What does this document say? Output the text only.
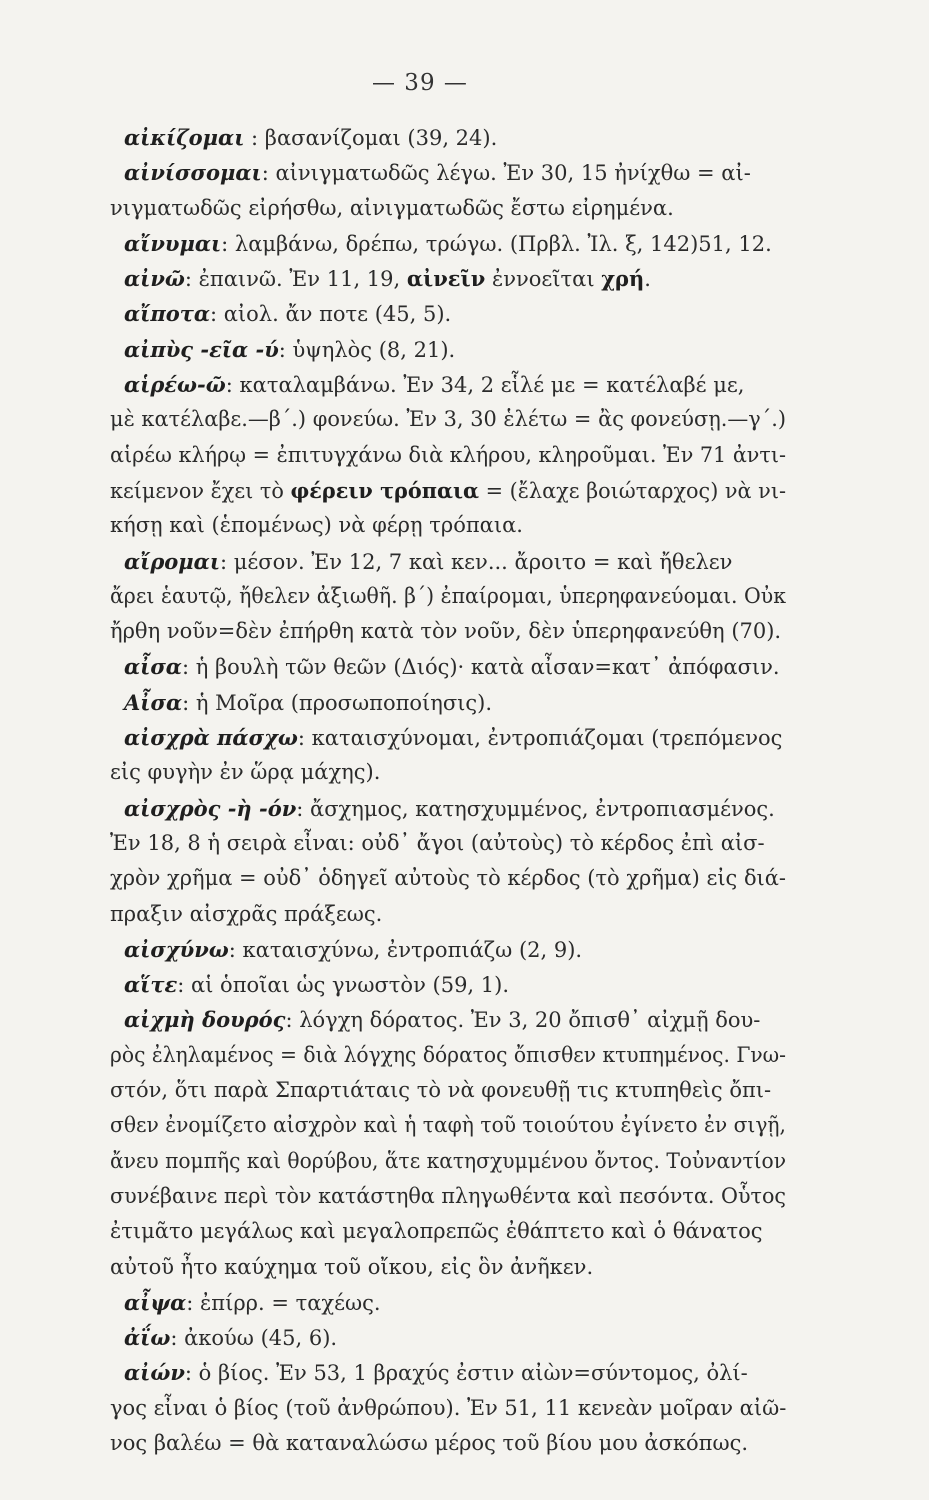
— 39 —
αἰκίζομαι : βασανίζομαι (39, 24).
αἰνίσσομαι: αἰνιγματωδῶς λέγω. Ἐν 30, 15 ἠνίχθω = αἰ-
νιγματωδῶς εἰρήσθω, αἰνιγματωδῶς ἔστω εἰρημένα.
αἴνυμαι: λαμβάνω, δρέπω, τρώγω. (Πρβλ. Ἰλ. ξ, 142)51, 12.
αἰνῶ: ἐπαινῶ. Ἐν 11, 19, αἰνεῖν ἐννοεῖται χρή.
αἴποτα: αἰολ. ἄν ποτε (45, 5).
αἰπὺς -εῖα -ύ: ὑψηλὸς (8, 21).
αἱρέω-ῶ: καταλαμβάνω. Ἐν 34, 2 εἷλέ με = κατέλαβέ με,
μὲ κατέλαβε.—β΄.) φονεύω. Ἐν 3, 30 ἑλέτω = ἂς φονεύσῃ.—γ΄.)
αἱρέω κλήρῳ = ἐπιτυγχάνω διὰ κλήρου, κληροῦμαι. Ἐν 71 ἀντι-
κείμενον ἔχει τὸ φέρειν τρόπαια = (ἔλαχε βοιώταρχος) νὰ νι-
κήσῃ καὶ (ἑπομένως) νὰ φέρῃ τρόπαια.
αἴρομαι: μέσον. Ἐν 12, 7 καὶ κεν... ἄροιτο = καὶ ἤθελεν
ἄρει ἑαυτῷ, ἤθελεν ἀξιωθῆ. β΄) ἐπαίρομαι, ὑπερηφανεύομαι. Οὐκ
ἤρθη νοῦν=δὲν ἐπήρθη κατὰ τὸν νοῦν, δὲν ὑπερηφανεύθη (70).
αἶσα: ἡ βουλὴ τῶν θεῶν (Διός)· κατὰ αἶσαν=κατ᾽ ἀπόφασιν.
Αἶσα: ἡ Μοῖρα (προσωποποίησις).
αἰσχρὰ πάσχω: καταισχύνομαι, ἐντροπιάζομαι (τρεπόμενος
εἰς φυγὴν ἐν ὥρᾳ μάχης).
αἰσχρὸς -ὴ -όν: ἄσχημος, κατησχυμμένος, ἐντροπιασμένος.
Ἐν 18, 8 ἡ σειρὰ εἶναι: οὐδ᾽ ἄγοι (αὐτοὺς) τὸ κέρδος ἐπὶ αἰσ-
χρὸν χρῆμα = οὐδ᾽ ὁδηγεῖ αὐτοὺς τὸ κέρδος (τὸ χρῆμα) εἰς διά-
πραξιν αἰσχρᾶς πράξεως.
αἰσχύνω: καταισχύνω, ἐντροπιάζω (2, 9).
αἵτε: αἱ ὁποῖαι ὡς γνωστὸν (59, 1).
αἰχμὴ δουρός: λόγχη δόρατος. Ἐν 3, 20 ὄπισθ᾽ αἰχμῇ δου-
ρὸς ἐληλαμένος = διὰ λόγχης δόρατος ὄπισθεν κτυπημένος. Γνω-
στόν, ὅτι παρὰ Σπαρτιάταις τὸ νὰ φονευθῇ τις κτυπηθεὶς ὄπι-
σθεν ἐνομίζετο αἰσχρὸν καὶ ἡ ταφὴ τοῦ τοιούτου ἐγίνετο ἐν σιγῇ,
ἄνευ πομπῆς καὶ θορύβου, ἅτε κατησχυμμένου ὄντος. Τοὐναντίον
συνέβαινε περὶ τὸν κατάστηθα πληγωθέντα καὶ πεσόντα. Οὗτος
ἐτιμᾶτο μεγάλως καὶ μεγαλοπρεπῶς ἐθάπτετο καὶ ὁ θάνατος
αὐτοῦ ἦτο καύχημα τοῦ οἴκου, εἰς ὃν ἀνῆκεν.
αἶψα: ἐπίρρ. = ταχέως.
ἀΐω: ἀκούω (45, 6).
αἰών: ὁ βίος. Ἐν 53, 1 βραχύς ἐστιν αἰὼν=σύντομος, ὀλί-
γος εἶναι ὁ βίος (τοῦ ἀνθρώπου). Ἐν 51, 11 κενεὰν μοῖραν αἰῶ-
νος βαλέω = θὰ καταναλώσω μέρος τοῦ βίου μου ἀσκόπως.
